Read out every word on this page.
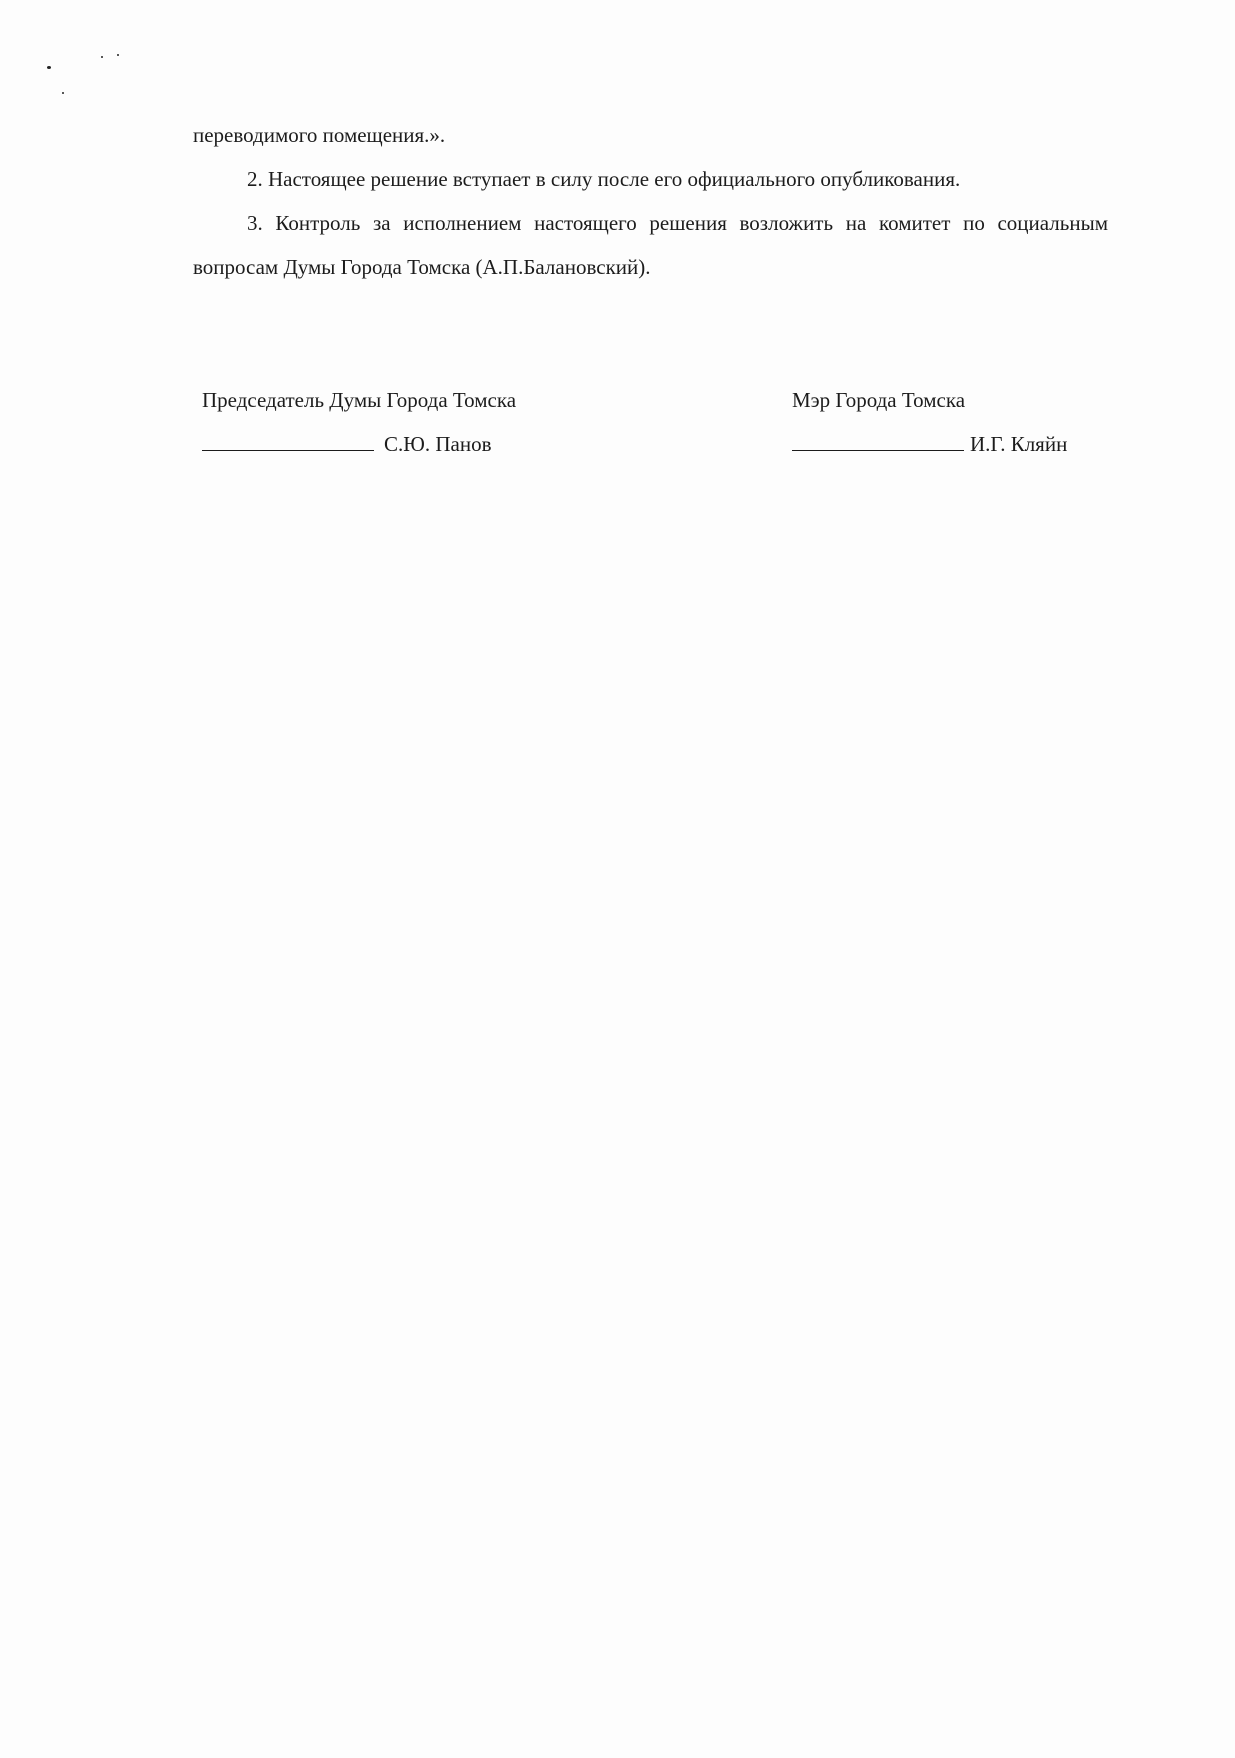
переводимого помещения.».

2. Настоящее решение вступает в силу после его официального опубликования.

3. Контроль за исполнением настоящего решения возложить на комитет по социальным вопросам Думы Города Томска (А.П.Балановский).

Председатель Думы Города Томска
С.Ю. Панов
Мэр Города Томска
И.Г. Кляйн
